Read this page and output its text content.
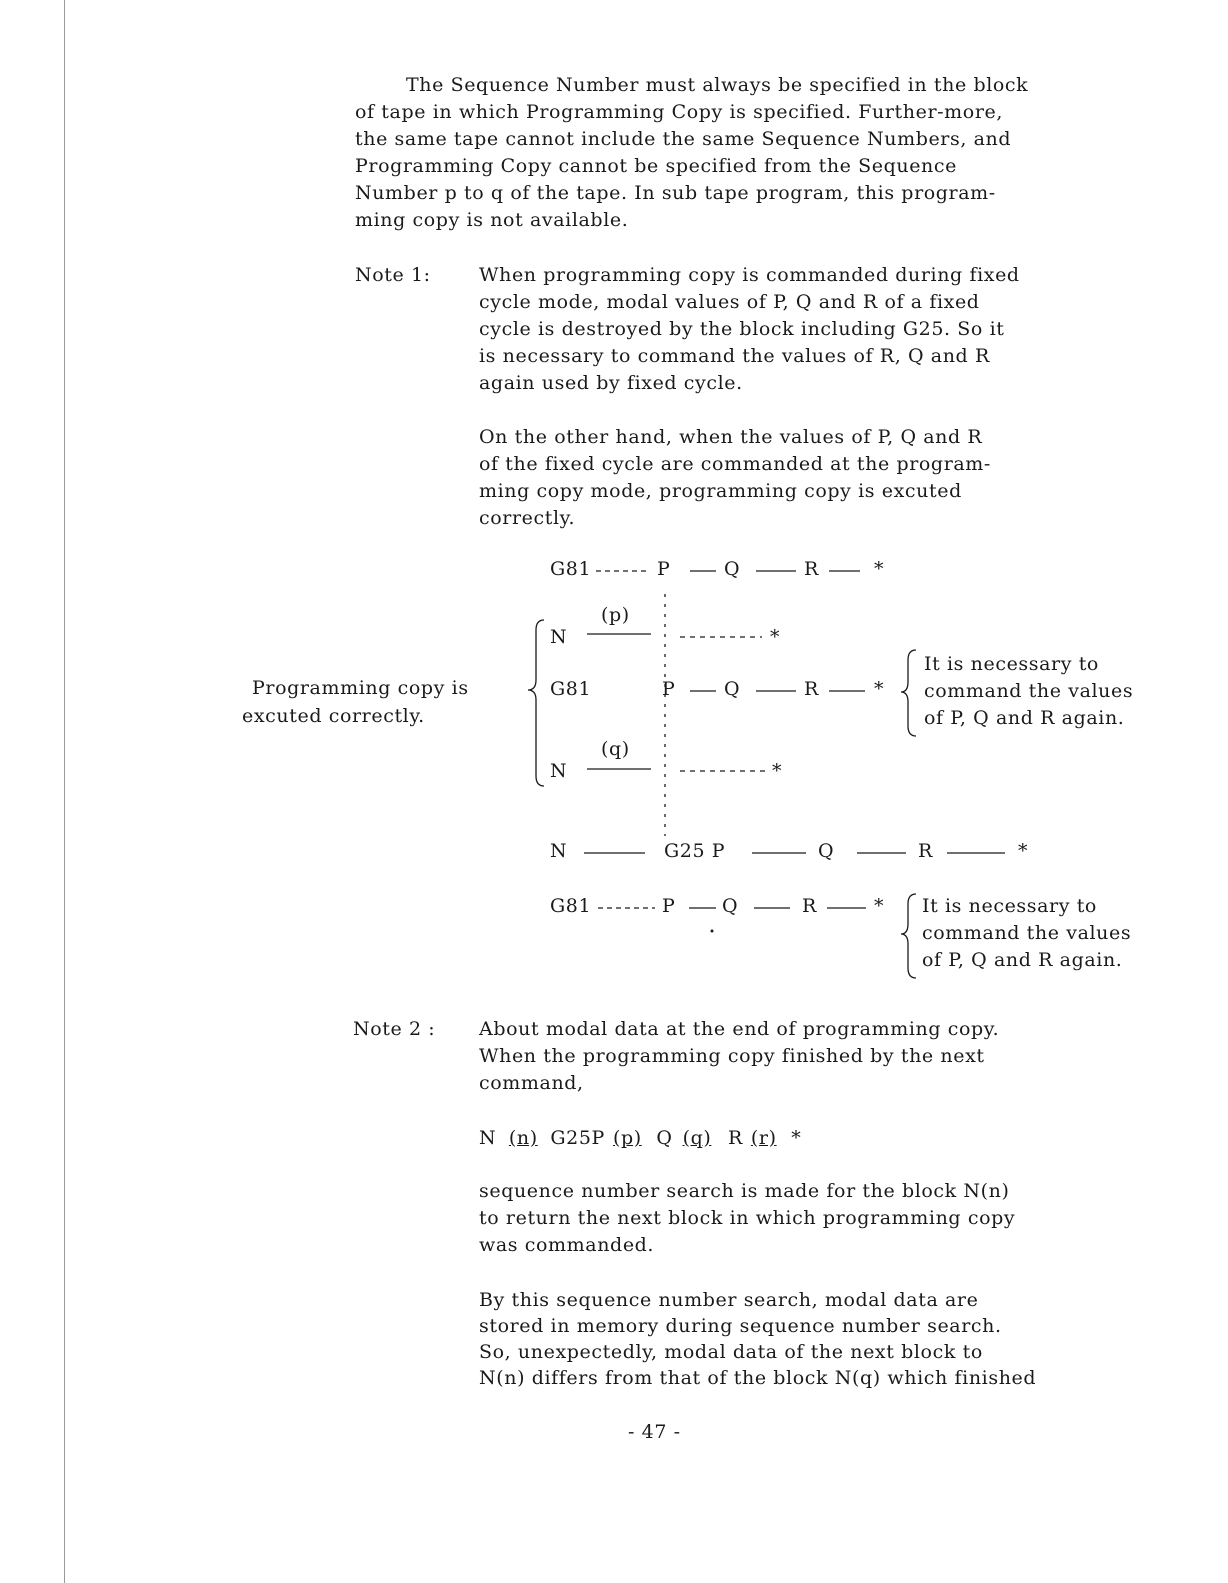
The Sequence Number must always be specified in the block
of tape in which Programming Copy is specified. Further-more,
the same tape cannot include the same Sequence Numbers, and
Programming Copy cannot be specified from the Sequence
Number p to q of the tape. In sub tape program, this program-
ming copy is not available.
Note 1:	When programming copy is commanded during fixed
cycle mode, modal values of P, Q and R of a fixed
cycle is destroyed by the block including G25. So it
is necessary to command the values of R, Q and R
again used by fixed cycle.
On the other hand, when the values of P, Q and R
of the fixed cycle are commanded at the program-
ming copy mode, programming copy is excuted
correctly.
G81	P	Q	R	*
(p)
N	*
Programming copy is
excuted correctly.
G81	P	Q	R	*
It is necessary to
command the values
of P, Q and R again.
(q)
N	*
N	G25 P	Q	R	*
G81	P Q	R	* It is necessary to
command the values
of P, Q and R again.
Note 2 : About modal data at the end of programming copy.
When the programming copy finished by the next
command,
N (n) G25P (p) Q (q) R (r) *
sequence number search is made for the block N(n)
to return the next block in which programming copy
was commanded.
By this sequence number search, modal data are
stored in memory during sequence number search.
So, unexpectedly, modal data of the next block to
N(n) differs from that of the block N(q) which finished
- 47 -
